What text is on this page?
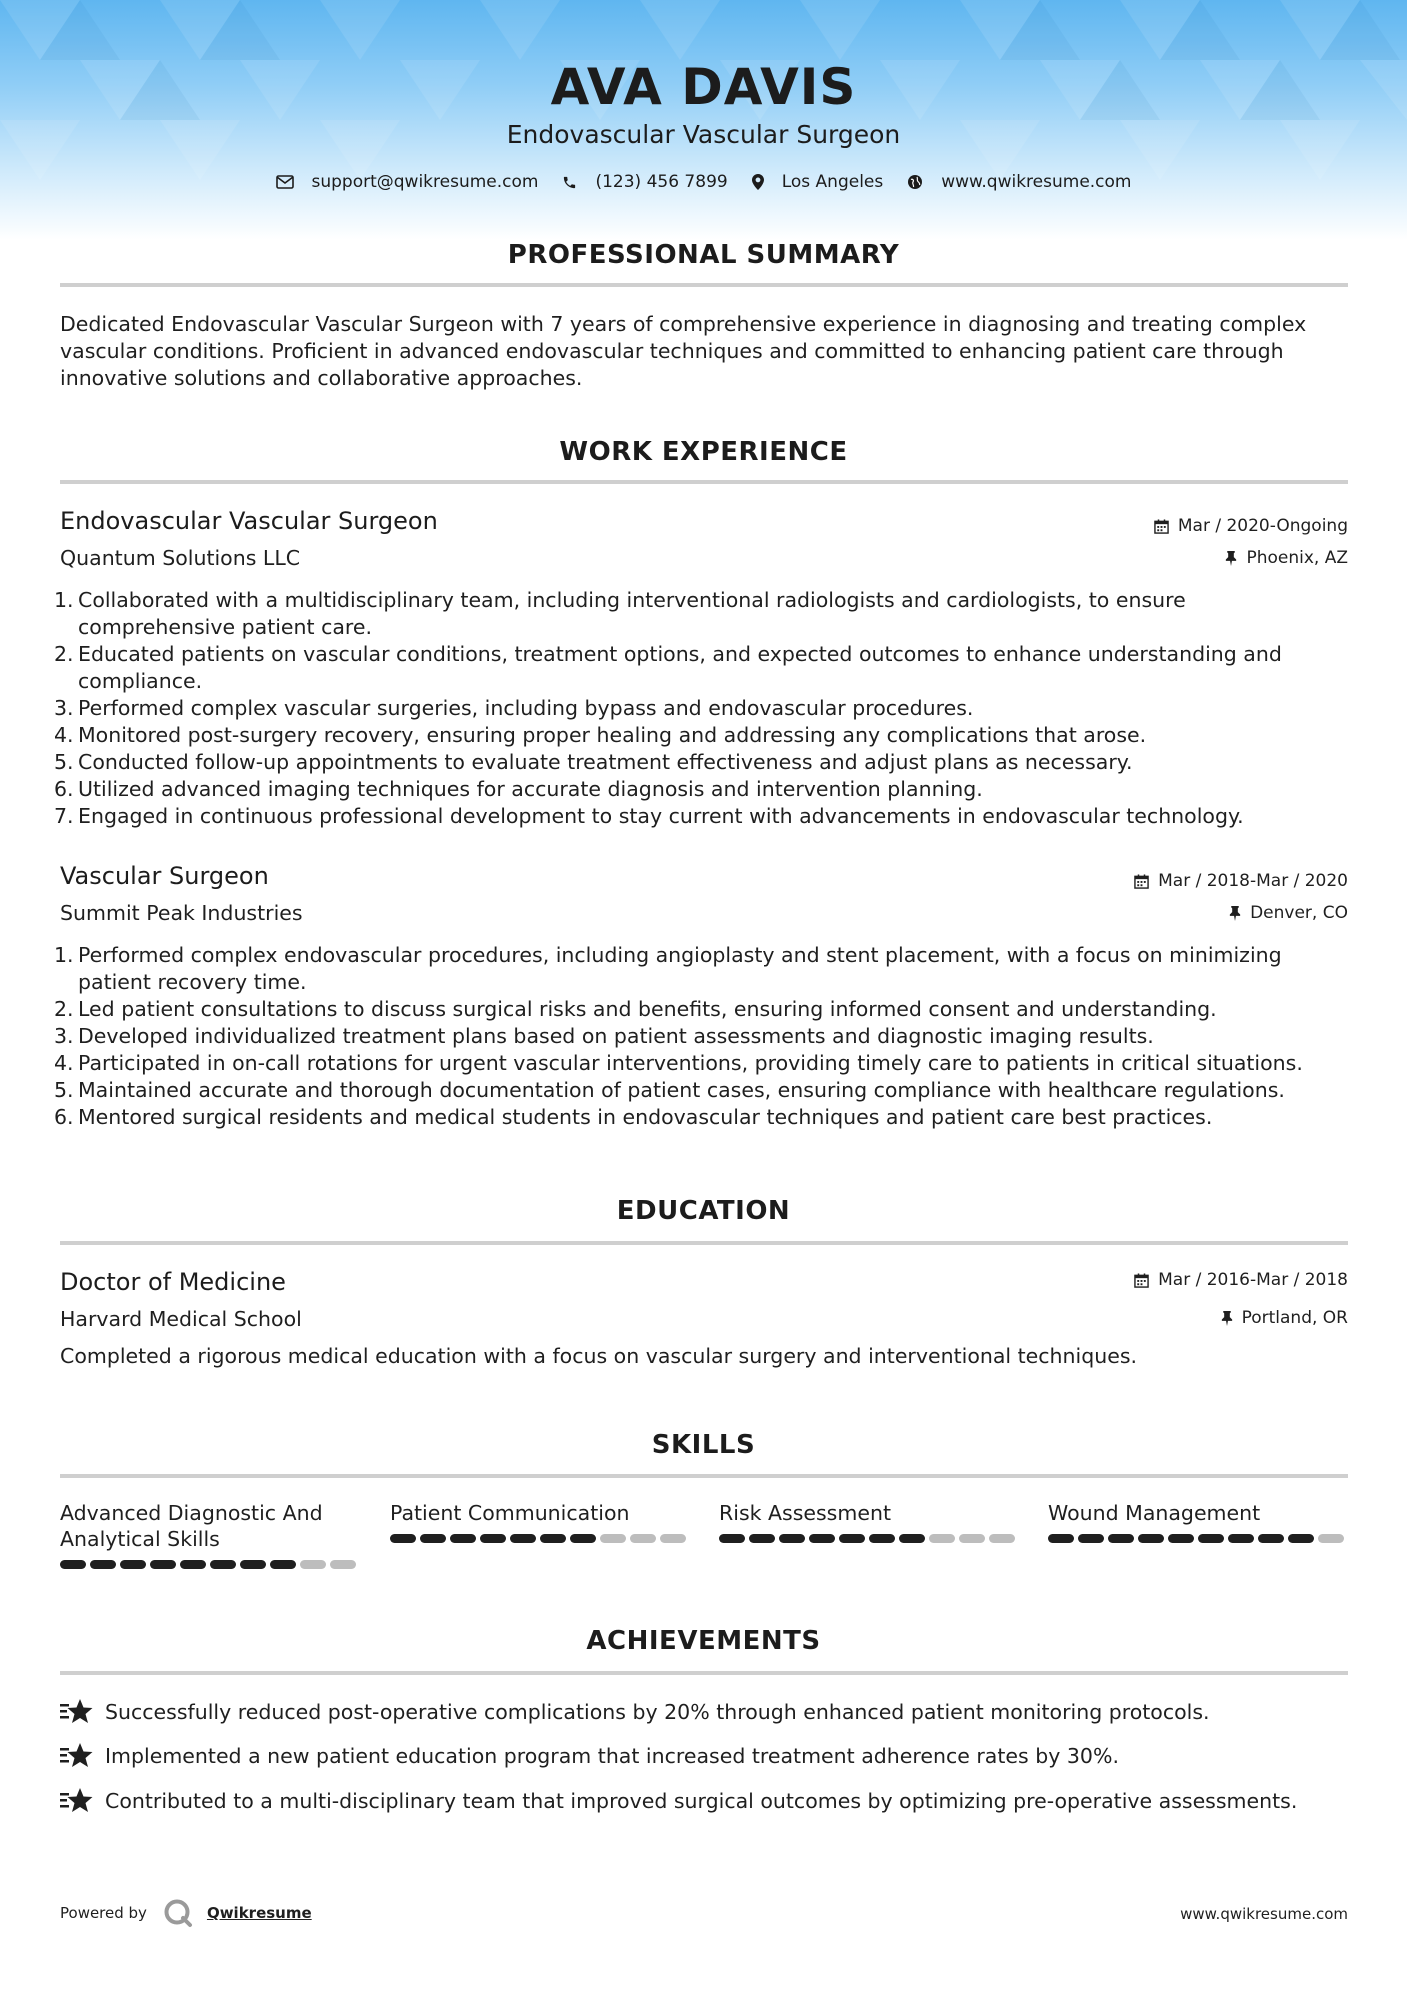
AVA DAVIS
Endovascular Vascular Surgeon
support@qwikresume.com	(123) 456 7899	Los Angeles	www.qwikresume.com
PROFESSIONAL SUMMARY
Dedicated Endovascular Vascular Surgeon with 7 years of comprehensive experience in diagnosing and treating complex
vascular conditions. Proficient in advanced endovascular techniques and committed to enhancing patient care through
innovative solutions and collaborative approaches.
WORK EXPERIENCE
Endovascular Vascular Surgeon	Mar / 2020-Ongoing
Quantum Solutions LLC	Phoenix, AZ
1. Collaborated with a multidisciplinary team, including interventional radiologists and cardiologists, to ensure
comprehensive patient care.
2. Educated patients on vascular conditions, treatment options, and expected outcomes to enhance understanding and
compliance.
3. Performed complex vascular surgeries, including bypass and endovascular procedures.
4. Monitored post-surgery recovery, ensuring proper healing and addressing any complications that arose.
5. Conducted follow-up appointments to evaluate treatment effectiveness and adjust plans as necessary.
6. Utilized advanced imaging techniques for accurate diagnosis and intervention planning.
7. Engaged in continuous professional development to stay current with advancements in endovascular technology.
Vascular Surgeon	Mar / 2018-Mar / 2020
Summit Peak Industries	Denver, CO
1. Performed complex endovascular procedures, including angioplasty and stent placement, with a focus on minimizing
patient recovery time.
2. Led patient consultations to discuss surgical risks and benefits, ensuring informed consent and understanding.
3. Developed individualized treatment plans based on patient assessments and diagnostic imaging results.
4. Participated in on-call rotations for urgent vascular interventions, providing timely care to patients in critical situations.
5. Maintained accurate and thorough documentation of patient cases, ensuring compliance with healthcare regulations.
6. Mentored surgical residents and medical students in endovascular techniques and patient care best practices.
EDUCATION
Doctor of Medicine	Mar / 2016-Mar / 2018
Harvard Medical School	Portland, OR
Completed a rigorous medical education with a focus on vascular surgery and interventional techniques.
SKILLS
Advanced Diagnostic And
Analytical Skills
Patient Communication	Risk Assessment	Wound Management
ACHIEVEMENTS
Successfully reduced post-operative complications by 20% through enhanced patient monitoring protocols.
Implemented a new patient education program that increased treatment adherence rates by 30%.
Contributed to a multi-disciplinary team that improved surgical outcomes by optimizing pre-operative assessments.
Powered by	Qwikresume	www.qwikresume.com
